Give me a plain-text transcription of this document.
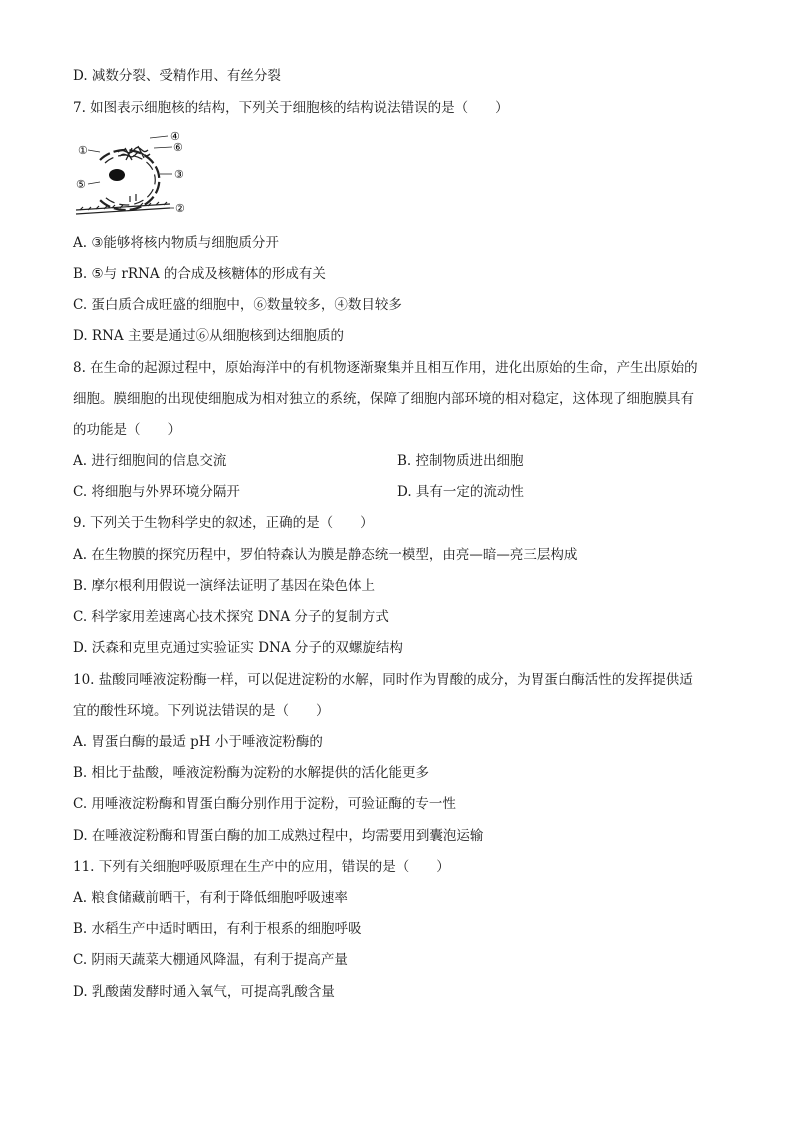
D. 减数分裂、受精作用、有丝分裂
7. 如图表示细胞核的结构，下列关于细胞核的结构说法错误的是（　　）
①
②
③
④
⑤
⑥
A. ③能够将核内物质与细胞质分开
B. ⑤与 rRNA 的合成及核糖体的形成有关
C. 蛋白质合成旺盛的细胞中，⑥数量较多，④数目较多
D. RNA 主要是通过⑥从细胞核到达细胞质的
8. 在生命的起源过程中，原始海洋中的有机物逐渐聚集并且相互作用，进化出原始的生命，产生出原始的
细胞。膜细胞的出现使细胞成为相对独立的系统，保障了细胞内部环境的相对稳定，这体现了细胞膜具有
的功能是（　　）
A. 进行细胞间的信息交流	B. 控制物质进出细胞
C. 将细胞与外界环境分隔开	D. 具有一定的流动性
9. 下列关于生物科学史的叙述，正确的是（　　）
A. 在生物膜的探究历程中，罗伯特森认为膜是静态统一模型，由亮—暗—亮三层构成
B. 摩尔根利用假说一演绎法证明了基因在染色体上
C. 科学家用差速离心技术探究 DNA 分子的复制方式
D. 沃森和克里克通过实验证实 DNA 分子的双螺旋结构
10. 盐酸同唾液淀粉酶一样，可以促进淀粉的水解，同时作为胃酸的成分，为胃蛋白酶活性的发挥提供适
宜的酸性环境。下列说法错误的是（　　）
A. 胃蛋白酶的最适 pH 小于唾液淀粉酶的
B. 相比于盐酸，唾液淀粉酶为淀粉的水解提供的活化能更多
C. 用唾液淀粉酶和胃蛋白酶分别作用于淀粉，可验证酶的专一性
D. 在唾液淀粉酶和胃蛋白酶的加工成熟过程中，均需要用到囊泡运输
11. 下列有关细胞呼吸原理在生产中的应用，错误的是（　　）
A. 粮食储藏前晒干，有利于降低细胞呼吸速率
B. 水稻生产中适时晒田，有利于根系的细胞呼吸
C. 阴雨天蔬菜大棚通风降温，有利于提高产量
D. 乳酸菌发酵时通入氧气，可提高乳酸含量
